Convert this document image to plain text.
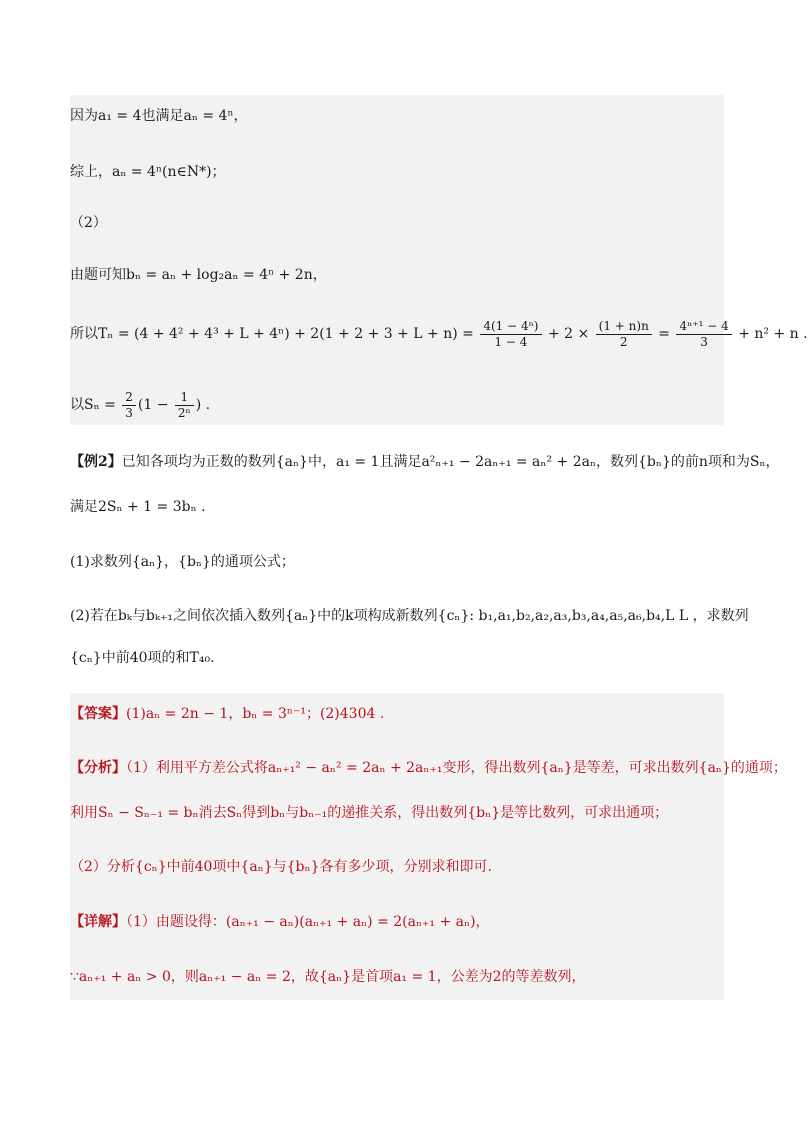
因为a₁ = 4也满足aₙ = 4ⁿ，
综上，aₙ = 4ⁿ(n∈N*)；
（2）
由题可知bₙ = aₙ + log₂aₙ = 4ⁿ + 2n，
所以$T_n = (4 + 4^2 + 4^3 + L + 4^n) + 2(1 + 2 + 3 + L + n) = \frac{\text{4(1 − 4ⁿ)}}{1 - 4} + 2 \times \frac{(1 + n)n}{2} = \frac{\text{4ⁿ⁺¹ − 4}}{3} + n^2 + n$ .
以$S_n = \frac{2}{3} (1 - \frac{1}{\text{2ⁿ}}$ ) .
【例2】已知各项均为正数的数列{aₙ}中，a₁ = 1且满足a²ₙ₊₁ − 2aₙ₊₁ = aₙ² + 2aₙ，数列{bₙ}的前n项和为Sₙ，
满足2Sₙ + 1 = 3bₙ .
(1)求数列{aₙ}，{bₙ}的通项公式；
(2)若在bₖ与bₖ₊₁之间依次插入数列{aₙ}中的k项构成新数列{cₙ}: b₁,a₁,b₂,a₂,a₃,b₃,a₄,a₅,a₆,b₄,L L ，求数列
{cₙ}中前40项的和T₄₀.
【答案】(1)aₙ = 2n − 1，bₙ = 3ⁿ⁻¹；(2)4304 .
【分析】（1）利用平方差公式将aₙ₊₁² − aₙ² = 2aₙ + 2aₙ₊₁变形，得出数列{aₙ}是等差，可求出数列{aₙ}的通项；
利用Sₙ − Sₙ₋₁ = bₙ消去Sₙ得到bₙ与bₙ₋₁的递推关系，得出数列{bₙ}是等比数列，可求出通项；
（2）分析{cₙ}中前40项中{aₙ}与{bₙ}各有多少项，分别求和即可.
【详解】（1）由题设得：(aₙ₊₁ − aₙ)(aₙ₊₁ + aₙ) = 2(aₙ₊₁ + aₙ)，
∵aₙ₊₁ + aₙ > 0，则aₙ₊₁ − aₙ = 2，故{aₙ}是首项a₁ = 1，公差为2的等差数列，
